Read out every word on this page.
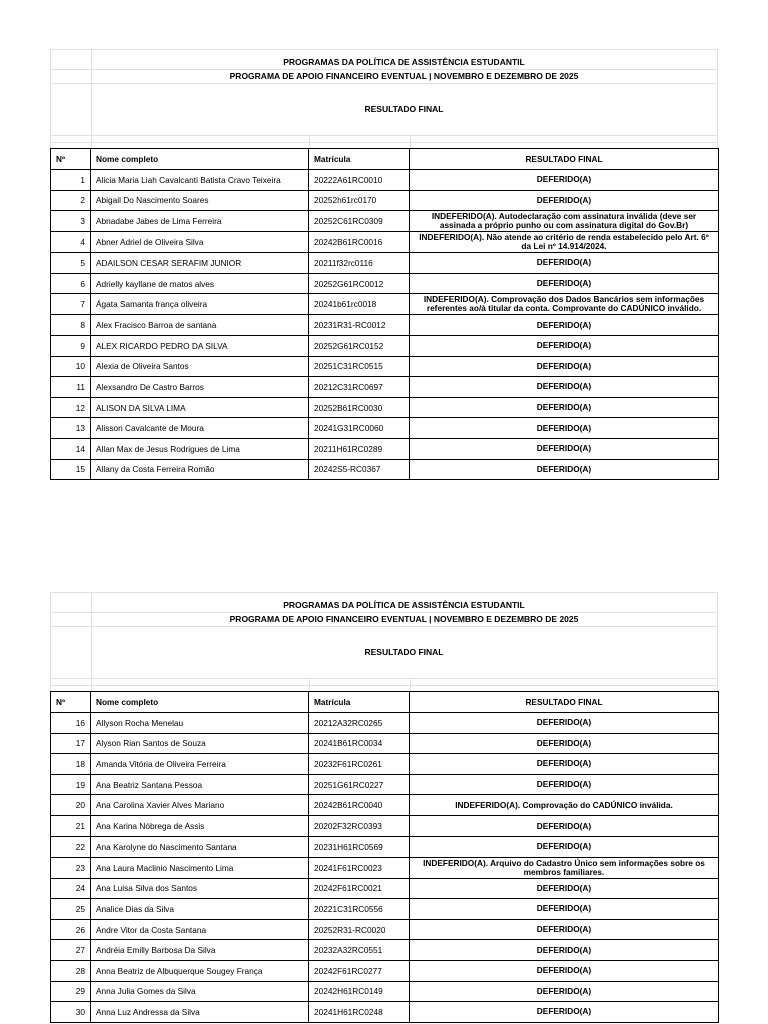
PROGRAMAS DA POLÍTICA DE ASSISTÊNCIA ESTUDANTIL
PROGRAMA DE APOIO FINANCEIRO EVENTUAL | NOVEMBRO E DEZEMBRO DE 2025
RESULTADO FINAL
Nº	Nome completo	Matrícula	RESULTADO FINAL
1	Alicia Maria Liah Cavalcanti Batista Cravo Teixeira	20222A61RC0010	DEFERIDO(A)
2	Abigail Do Nascimento Soares	20252h61rc0170	DEFERIDO(A)
3	Abnadabe Jabes de Lima Ferreira	20252C61RC0309	INDEFERIDO(A). Autodeclaração com assinatura inválida (deve ser assinada a próprio punho ou com assinatura digital do Gov.Br)
4	Abner Adriel de Oliveira Silva	20242B61RC0016	INDEFERIDO(A). Não atende ao critério de renda estabelecido pelo Art. 6º da Lei nº 14.914/2024.
5	ADAILSON CESAR SERAFIM JUNIOR	20211f32rc0116	DEFERIDO(A)
6	Adrielly kayllane de matos alves	20252G61RC0012	DEFERIDO(A)
7	Ágata Samanta frança oliveira	20241b61rc0018	INDEFERIDO(A). Comprovação dos Dados Bancários sem informações referentes ao/à titular da conta. Comprovante do CADÚNICO inválido.
8	Alex Fracisco Barroa de santana	20231R31-RC0012	DEFERIDO(A)
9	ALEX RICARDO PEDRO DA SILVA	20252G61RC0152	DEFERIDO(A)
10	Alexia de Oliveira Santos	20251C31RC0515	DEFERIDO(A)
11	Alexsandro De Castro Barros	20212C31RC0697	DEFERIDO(A)
12	ALISON DA SILVA LIMA	20252B61RC0030	DEFERIDO(A)
13	Alisson Cavalcante de Moura	20241G31RC0060	DEFERIDO(A)
14	Allan Max de Jesus Rodrigues de Lima	20211H61RC0289	DEFERIDO(A)
15	Allany da Costa Ferreira Romão	20242S5-RC0367	DEFERIDO(A)
PROGRAMAS DA POLÍTICA DE ASSISTÊNCIA ESTUDANTIL
PROGRAMA DE APOIO FINANCEIRO EVENTUAL | NOVEMBRO E DEZEMBRO DE 2025
RESULTADO FINAL
Nº	Nome completo	Matrícula	RESULTADO FINAL
16	Allyson Rocha Menelau	20212A32RC0265	DEFERIDO(A)
17	Alyson Rian Santos de Souza	20241B61RC0034	DEFERIDO(A)
18	Amanda Vitória de Oliveira Ferreira	20232F61RC0261	DEFERIDO(A)
19	Ana Beatriz Santana Pessoa	20251G61RC0227	DEFERIDO(A)
20	Ana Carolina Xavier Alves Mariano	20242B61RC0040	INDEFERIDO(A). Comprovação do CADÚNICO inválida.
21	Ana Karina Nóbrega de Assis	20202F32RC0393	DEFERIDO(A)
22	Ana Karolyne do Nascimento Santana	20231H61RC0569	DEFERIDO(A)
23	Ana Laura Maclinio Nascimento Lima	20241F61RC0023	INDEFERIDO(A). Arquivo do Cadastro Único sem informações sobre os membros familiares.
24	Ana Luisa Silva dos Santos	20242F61RC0021	DEFERIDO(A)
25	Analice Dias da Silva	20221C31RC0556	DEFERIDO(A)
26	Andre Vitor da Costa Santana	20252R31-RC0020	DEFERIDO(A)
27	Andréia Emilly Barbosa Da Silva	20232A32RC0551	DEFERIDO(A)
28	Anna Beatriz de Albuquerque Sougey França	20242F61RC0277	DEFERIDO(A)
29	Anna Julia Gomes da Silva	20242H61RC0149	DEFERIDO(A)
30	Anna Luz Andressa da Silva	20241H61RC0248	DEFERIDO(A)
